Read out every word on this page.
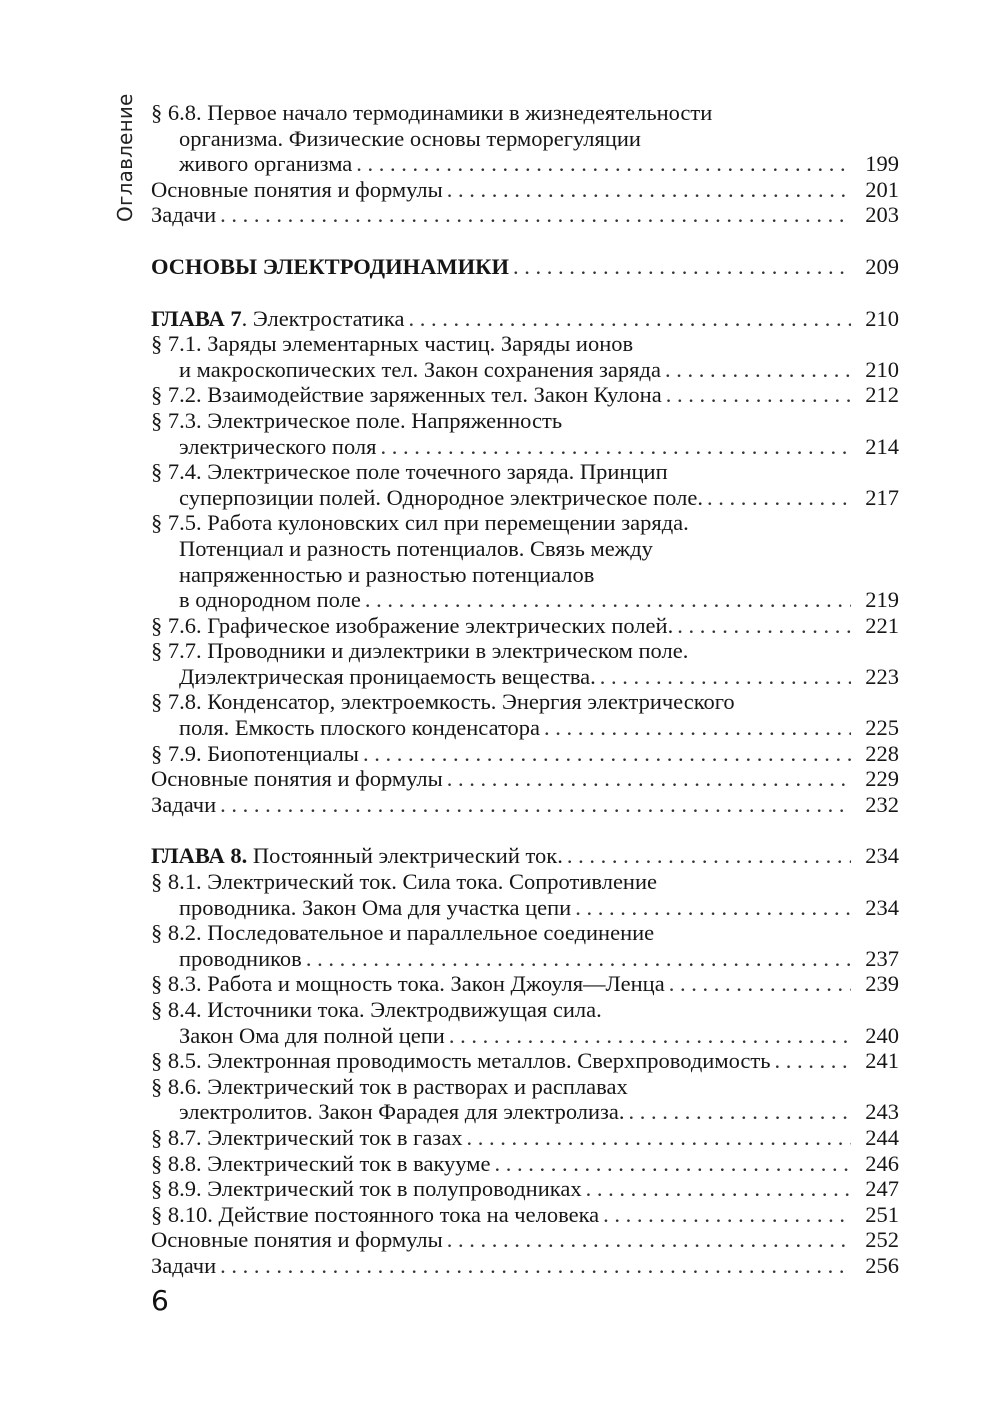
Оглавление § 6.8. Первое начало термодинамики в жизнедеятельности
организма. Физические основы терморегуляции
живого организма . . .	199
Основные понятия и формулы . . .	201
Задачи . . .	203
ОСНОВЫ ЭЛЕКТРОДИНАМИКИ . . .	209
ГЛАВА 7. Электростатика . . .	210
§ 7.1. Заряды элементарных частиц. Заряды ионов
и макроскопических тел. Закон сохранения заряда . . .	210
§ 7.2. Взаимодействие заряженных тел. Закон Кулона . . .	212
§ 7.3. Электрическое поле. Напряженность
электрического поля . . .	214
§ 7.4. Электрическое поле точечного заряда. Принцип
суперпозиции полей. Однородное электрическое поле. . . .	217
§ 7.5. Работа кулоновских сил при перемещении заряда.
Потенциал и разность потенциалов. Связь между
напряженностью и разностью потенциалов
в однородном поле . . .	219
§ 7.6. Графическое изображение электрических полей. . . .	221
§ 7.7. Проводники и диэлектрики в электрическом поле.
Диэлектрическая проницаемость вещества. . . .	223
§ 7.8. Конденсатор, электроемкость. Энергия электрического
поля. Емкость плоского конденсатора . . .	225
§ 7.9. Биопотенциалы . . .	228
Основные понятия и формулы . . .	229
Задачи . . .	232
ГЛАВА 8. Постоянный электрический ток. . . .	234
§ 8.1. Электрический ток. Сила тока. Сопротивление
проводника. Закон Ома для участка цепи . . .	234
§ 8.2. Последовательное и параллельное соединение
проводников . . .	237
§ 8.3. Работа и мощность тока. Закон Джоуля—Ленца . . .	239
§ 8.4. Источники тока. Электродвижущая сила.
Закон Ома для полной цепи . . .	240
§ 8.5. Электронная проводимость металлов. Сверхпроводимость . . .	241
§ 8.6. Электрический ток в растворах и расплавах
электролитов. Закон Фарадея для электролиза. . . .	243
§ 8.7. Электрический ток в газах . . .	244
§ 8.8. Электрический ток в вакууме . . .	246
§ 8.9. Электрический ток в полупроводниках . . .	247
§ 8.10. Действие постоянного тока на человека . . .	251
Основные понятия и формулы . . .	252
Задачи . . .	256
6
